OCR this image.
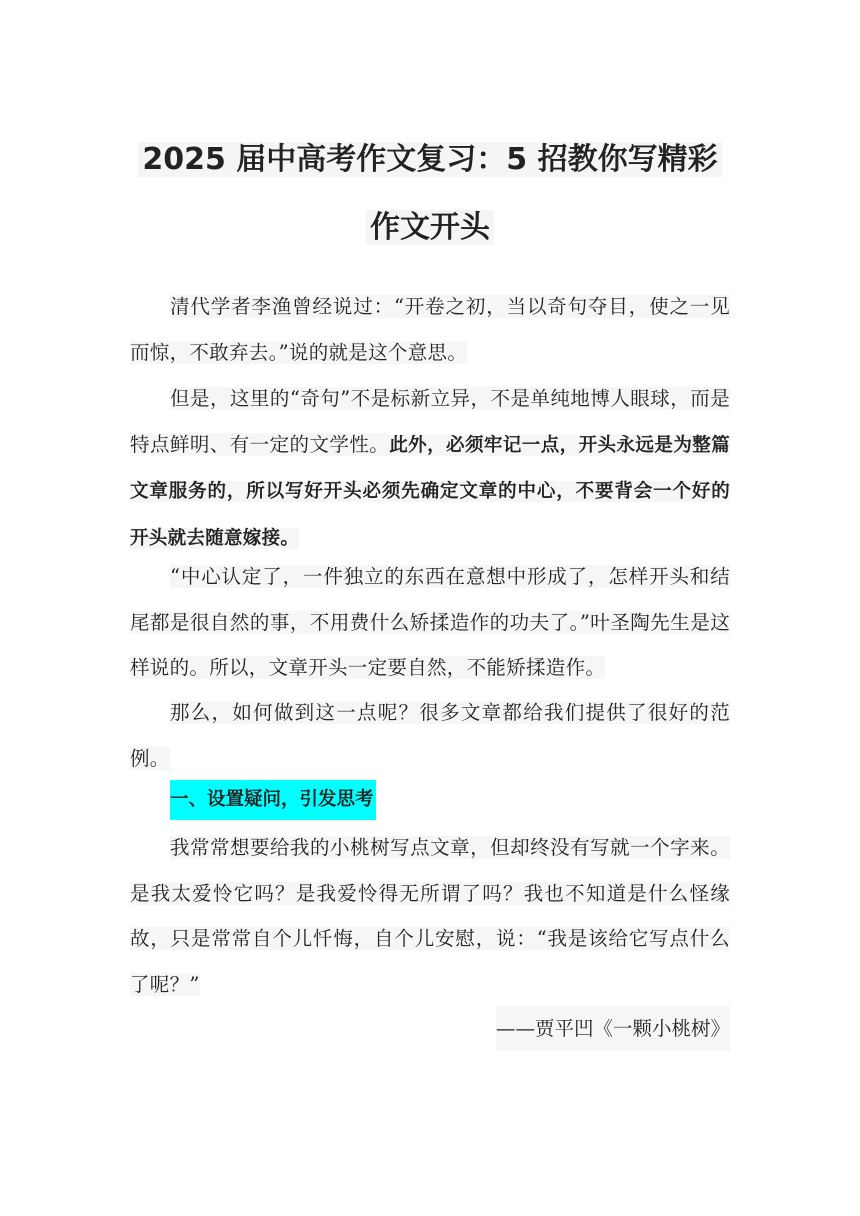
2025 届中高考作文复习：5 招教你写精彩
作文开头

清代学者李渔曾经说过：“开卷之初，当以奇句夺目，使之一见而惊，不敢弃去。”说的就是这个意思。

但是，这里的“奇句”不是标新立异，不是单纯地博人眼球，而是特点鲜明、有一定的文学性。此外，必须牢记一点，开头永远是为整篇文章服务的，所以写好开头必须先确定文章的中心，不要背会一个好的开头就去随意嫁接。

“中心认定了，一件独立的东西在意想中形成了，怎样开头和结尾都是很自然的事，不用费什么矫揉造作的功夫了。”叶圣陶先生是这样说的。所以，文章开头一定要自然，不能矫揉造作。

那么，如何做到这一点呢？很多文章都给我们提供了很好的范例。

一、设置疑问，引发思考

我常常想要给我的小桃树写点文章，但却终没有写就一个字来。是我太爱怜它吗？是我爱怜得无所谓了吗？我也不知道是什么怪缘故，只是常常自个儿忏悔，自个儿安慰，说：“我是该给它写点什么了呢？”

——贾平凹《一颗小桃树》
